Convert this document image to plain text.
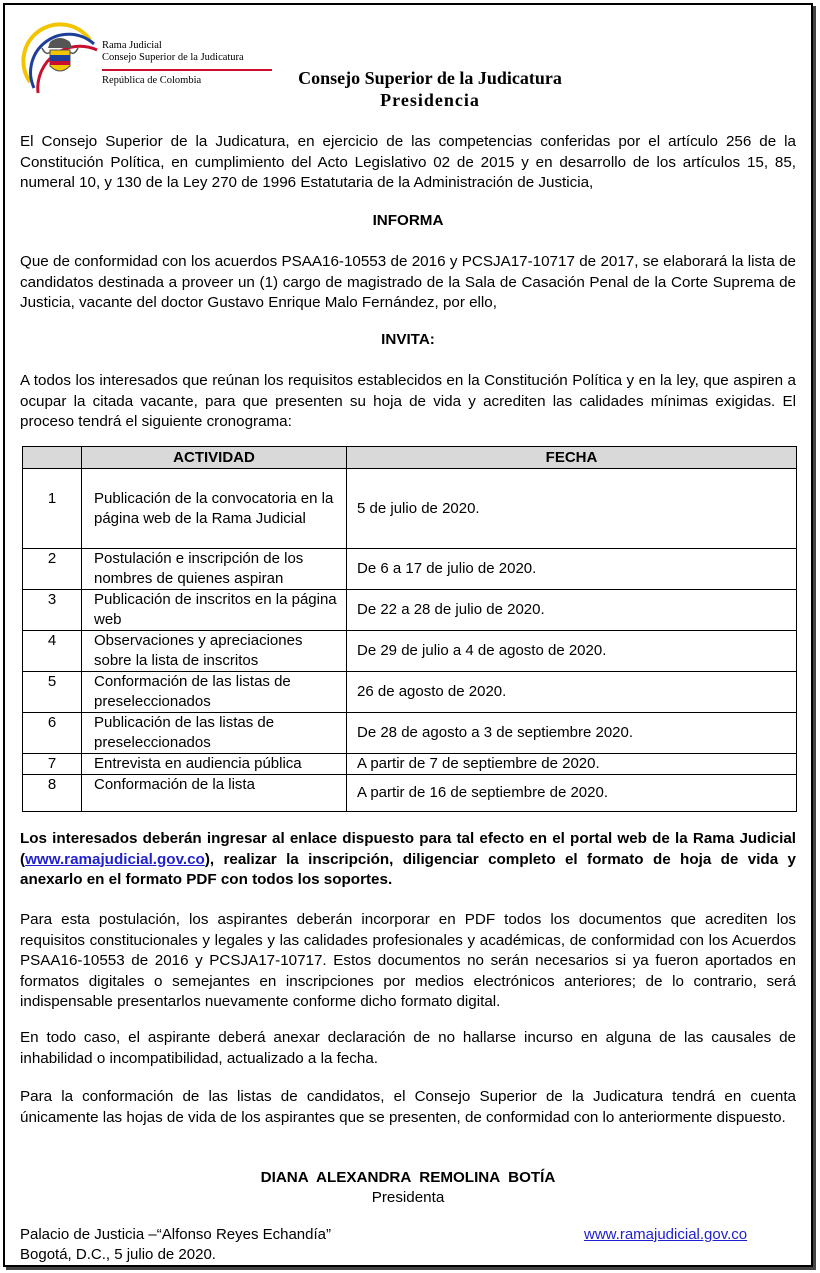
Rama Judicial
Consejo Superior de la Judicatura
República de Colombia	Consejo Superior de la Judicatura
Presidencia

El Consejo Superior de la Judicatura, en ejercicio de las competencias conferidas por el artículo 256 de la Constitución Política, en cumplimiento del Acto Legislativo 02 de 2015 y en desarrollo de los artículos 15, 85, numeral 10, y 130 de la Ley 270 de 1996 Estatutaria de la Administración de Justicia,

INFORMA

Que de conformidad con los acuerdos PSAA16-10553 de 2016 y PCSJA17-10717 de 2017, se elaborará la lista de candidatos destinada a proveer un (1) cargo de magistrado de la Sala de Casación Penal de la Corte Suprema de Justicia, vacante del doctor Gustavo Enrique Malo Fernández, por ello,

INVITA:

A todos los interesados que reúnan los requisitos establecidos en la Constitución Política y en la ley, que aspiren a ocupar la citada vacante, para que presenten su hoja de vida y acrediten las calidades mínimas exigidas. El proceso tendrá el siguiente cronograma:

	ACTIVIDAD	FECHA
1	Publicación de la convocatoria en la página web de la Rama Judicial	5 de julio de 2020.
2	Postulación e inscripción de los nombres de quienes aspiran	De 6 a 17 de julio de 2020.
3	Publicación de inscritos en la página web	De 22 a 28 de julio de 2020.
4	Observaciones y apreciaciones sobre la lista de inscritos	De 29 de julio a 4 de agosto de 2020.
5	Conformación de las listas de preseleccionados	26 de agosto de 2020.
6	Publicación de las listas de preseleccionados	De 28 de agosto a 3 de septiembre 2020.
7	Entrevista en audiencia pública	A partir de 7 de septiembre de 2020.
8	Conformación de la lista	A partir de 16 de septiembre de 2020.

Los interesados deberán ingresar al enlace dispuesto para tal efecto en el portal web de la Rama Judicial (www.ramajudicial.gov.co), realizar la inscripción, diligenciar completo el formato de hoja de vida y anexarlo en el formato PDF con todos los soportes.

Para esta postulación, los aspirantes deberán incorporar en PDF todos los documentos que acrediten los requisitos constitucionales y legales y las calidades profesionales y académicas, de conformidad con los Acuerdos PSAA16-10553 de 2016 y PCSJA17-10717. Estos documentos no serán necesarios si ya fueron aportados en formatos digitales o semejantes en inscripciones por medios electrónicos anteriores; de lo contrario, será indispensable presentarlos nuevamente conforme dicho formato digital.

En todo caso, el aspirante deberá anexar declaración de no hallarse incurso en alguna de las causales de inhabilidad o incompatibilidad, actualizado a la fecha.

Para la conformación de las listas de candidatos, el Consejo Superior de la Judicatura tendrá en cuenta únicamente las hojas de vida de los aspirantes que se presenten, de conformidad con lo anteriormente dispuesto.

DIANA  ALEXANDRA  REMOLINA  BOTÍA

Presidenta

Palacio de Justicia –“Alfonso Reyes Echandía”
Bogotá, D.C., 5 julio de 2020.
www.ramajudicial.gov.co
